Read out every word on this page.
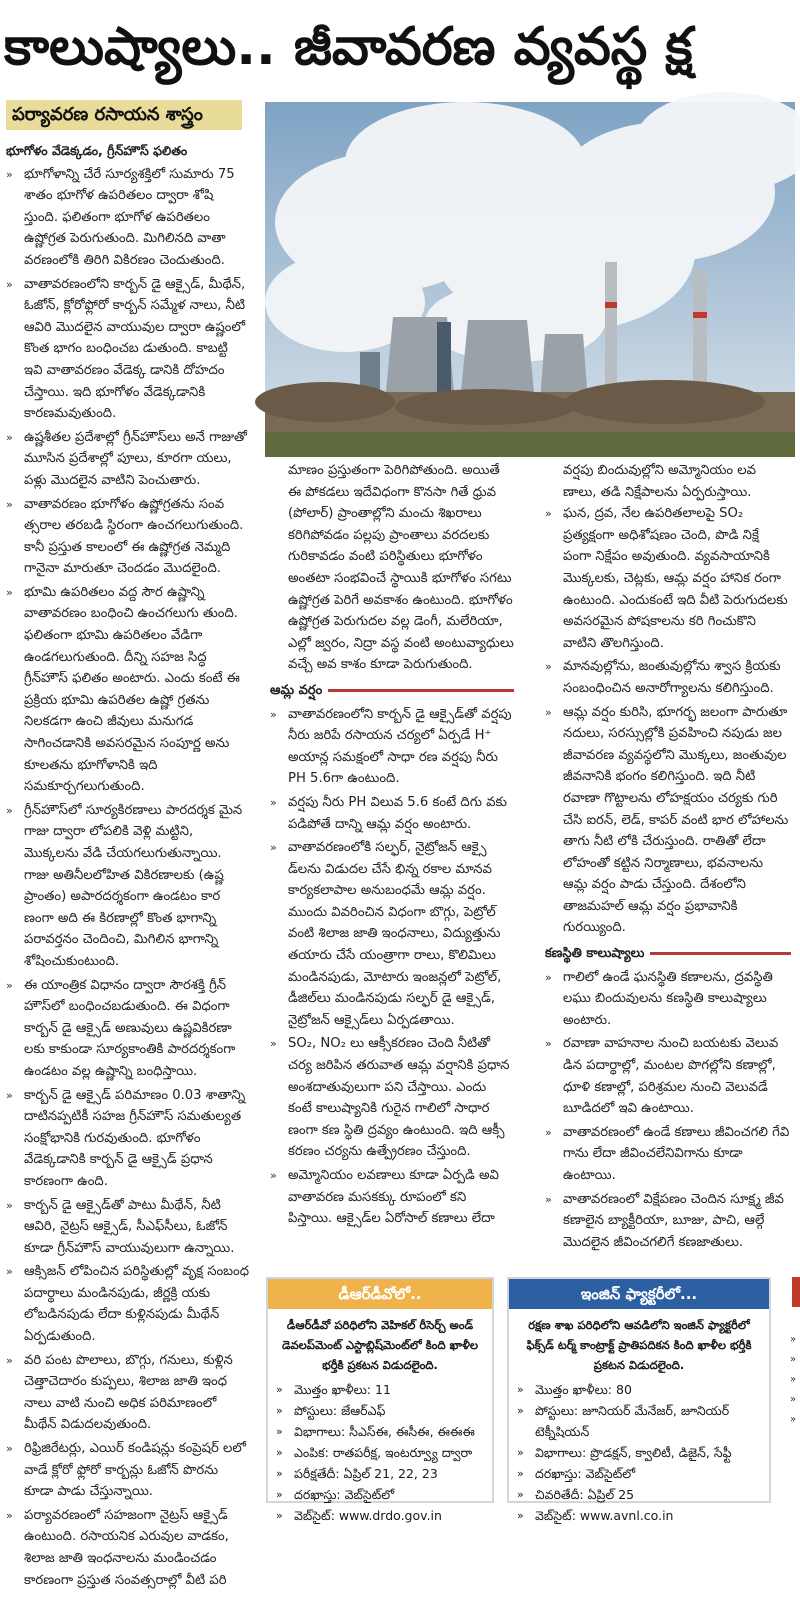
కాలుష్యాలు.. జీవావరణ వ్యవస్థ క్ష
పర్యావరణ రసాయన శాస్త్రం
భూగోళం వేడెక్కడం, గ్రీన్‌హౌస్ ఫలితం
» భూగోళాన్ని చేరే సూర్యశక్తిలో సుమారు 75 శాతం భూగోళ ఉపరితలం ద్వారా శోషి స్తుంది. ఫలితంగా భూగోళ ఉపరితలం ఉష్ణోగ్రత పెరుగుతుంది. మిగిలినది వాతా వరణంలోకి తిరిగి వికిరణం చెందుతుంది.
» వాతావరణంలోని కార్బన్ డై ఆక్సైడ్, మీథేన్, ఓజోన్, క్లోరోఫ్లోరో కార్బన్ సమ్మేళ నాలు, నీటి ఆవిరి మొదలైన వాయువుల ద్వారా ఉష్ణంలో కొంత భాగం బంధించబ డుతుంది. కాబట్టి ఇవి వాతావరణం వేడెక్క డానికి దోహదం చేస్తాయి. ఇది భూగోళం వేడెక్కడానికి కారణమవుతుంది.
» ఉష్ణశీతల ప్రదేశాల్లో గ్రీన్‌హౌస్‌లు అనే గాజుతో మూసిన ప్రదేశాల్లో పూలు, కూరగా యలు, పళ్లు మొదలైన వాటిని పెంచుతారు.
» వాతావరణం భూగోళం ఉష్ణోగ్రతను సంవ త్సరాల తరబడి స్థిరంగా ఉంచగలుగుతుంది. కానీ ప్రస్తుత కాలంలో ఈ ఉష్ణోగ్రత నెమ్మది గానైనా మారుతూ చెందడం మొదలైంది.
» భూమి ఉపరితలం వద్ద సౌర ఉష్ణాన్ని వాతావరణం బంధించి ఉంచగలుగు తుంది. ఫలితంగా భూమి ఉపరితలం వేడిగా ఉండగలుగుతుంది. దీన్ని సహజ సిద్ధ గ్రీన్‌హౌస్ ఫలితం అంటారు. ఎందు కంటే ఈ ప్రక్రియ భూమి ఉపరితల ఉష్ణో గ్రతను నిలకడగా ఉంచి జీవులు మనుగడ సాగించడానికి అవసరమైన సంపూర్ణ అను కూలతను భూగోళానికి ఇది సమకూర్చగలుగుతుంది.
» గ్రీన్‌హౌస్‌లో సూర్యకిరణాలు పారదర్శక మైన గాజు ద్వారా లోపలికి వెళ్లి మట్టిని, మొక్కలను వేడి చేయగలుగుతున్నాయి. గాజు అతినీలలోహిత వికిరణాలకు (ఉష్ణ ప్రాంతం) అపారదర్శకంగా ఉండటం కార ణంగా అది ఈ కిరణాల్లో కొంత భాగాన్ని పరావర్తనం చెందించి, మిగిలిన భాగాన్ని శోషించుకుంటుంది.
» ఈ యాంత్రిక విధానం ద్వారా సౌరశక్తి గ్రీన్ హౌస్‌లో బంధించబడుతుంది. ఈ విధంగా కార్బన్ డై ఆక్సైడ్ అణువులు ఉష్ణవికిరణా లకు కాకుండా సూర్యకాంతికి పారదర్శకంగా ఉండటం వల్ల ఉష్ణాన్ని బంధిస్తాయి.
» కార్బన్ డై ఆక్సైడ్ పరిమాణం 0.03 శాతాన్ని దాటినప్పటికీ సహజ గ్రీన్‌హౌస్ సమతుల్యత సంక్షోభానికి గురవుతుంది. భూగోళం వేడెక్కడానికి కార్బన్ డై ఆక్సైడ్ ప్రధాన కారణంగా ఉంది.
» కార్బన్ డై ఆక్సైడ్‌తో పాటు మీథేన్, నీటి ఆవిరి, నైట్రస్ ఆక్సైడ్, సీఎఫ్‌సీలు, ఓజోన్ కూడా గ్రీన్‌హౌస్ వాయువులుగా ఉన్నాయి.
» ఆక్సిజన్ లోపించిన పరిస్థితుల్లో వృక్ష సంబంధ పదార్థాలు మండినపుడు, జీర్ణక్రి యకు లోబడినపుడు లేదా కుళ్లినపుడు మీథేన్ ఏర్పడుతుంది.
» వరి పంట పొలాలు, బొగ్గు, గనులు, కుళ్లిన చెత్తాచెదారం కుప్పలు, శిలాజ జాతి ఇంధ నాలు వాటి నుంచి అధిక పరిమాణంలో మీథేన్ విడుదలవుతుంది.
» రిఫ్రిజిరేటర్లు, ఎయిర్ కండిషన్లు కంప్రెషర్ లలో వాడే క్లోరో ఫ్లోరో కార్బన్లు ఓజోన్ పొరను కూడా పాడు చేస్తున్నాయి.
» పర్యావరణంలో సహజంగా నైట్రస్ ఆక్సైడ్ ఉంటుంది. రసాయనిక ఎరువుల వాడకం, శిలాజ జాతి ఇంధనాలను మండించడం కారణంగా ప్రస్తుత సంవత్సరాల్లో వీటి పరి
మాణం ప్రస్తుతంగా పెరిగిపోతుంది. అయితే ఈ పోకడలు ఇదేవిధంగా కొనసా గితే ధ్రువ (పోలార్) ప్రాంతాల్లోని మంచు శిఖరాలు కరిగిపోవడం పల్లపు ప్రాంతాలు వరదలకు గురికావడం వంటి పరిస్థితులు భూగోళం అంతటా సంభవించే స్థాయికి భూగోళం సగటు ఉష్ణోగ్రత పెరిగే అవకాశం ఉంటుంది. భూగోళం ఉష్ణోగ్రత పెరుగుదల వల్ల డెంగీ, మలేరియా, ఎల్లో జ్వరం, నిద్రా వస్థ వంటి అంటువ్యాధులు వచ్చే అవ కాశం కూడా పెరుగుతుంది.
ఆమ్ల వర్షం
» వాతావరణంలోని కార్బన్ డై ఆక్సైడ్‌తో వర్షపు నీరు జరిపే రసాయన చర్యలో ఏర్పడే H⁺ అయాన్ల సమక్షంలో సాధా రణ వర్షపు నీరు PH 5.6గా ఉంటుంది.
» వర్షపు నీరు PH విలువ 5.6 కంటే దిగు వకు పడిపోతే దాన్ని ఆమ్ల వర్షం అంటారు.
» వాతావరణంలోకి సల్ఫర్, నైట్రోజన్ ఆక్సై డ్‌లను విడుదల చేసే భిన్న రకాల మానవ కార్యకలాపాల అనుబంధమే ఆమ్ల వర్షం. ముందు వివరించిన విధంగా బొగ్గు, పెట్రోల్ వంటి శిలాజ జాతి ఇంధనాలు, విద్యుత్తును తయారు చేసే యంత్రాగా రాలు, కొలిమిలు మండినపుడు, మోటారు ఇంజన్లలో పెట్రోల్, డీజిల్‌లు మండినపుడు సల్ఫర్ డై ఆక్సైడ్, నైట్రోజన్ ఆక్సైడ్‌లు ఏర్పడతాయి.
» SO₂, NO₂ లు ఆక్సీకరణం చెంది నీటితో చర్య జరిపిన తరువాత ఆమ్ల వర్షానికి ప్రధాన అంశదాతువులుగా పని చేస్తాయి. ఎందు కంటే కాలుష్యానికి గురైన గాలిలో సాధార ణంగా కణ స్థితి ద్రవ్యం ఉంటుంది. ఇది ఆక్సీ కరణం చర్యను ఉత్ప్రేరణం చేస్తుంది.
» అమ్మోనియం లవణాలు కూడా ఏర్పడి అవి వాతావరణ మసకక్కు రూపంలో కని పిస్తాయి. ఆక్సైడ్‌ల ఏరోసాల్ కణాలు లేదా
వర్షపు బిందువుల్లోని అమ్మోనియం లవ ణాలు, తడి నిక్షేపాలను ఏర్పరుస్తాయి.
» ఘన, ద్రవ, నేల ఉపరితలాలపై SO₂ ప్రత్యక్షంగా అధిశోషణం చెంది, పొడి నిక్షే పంగా నిక్షేపం అవుతుంది. వ్యవసాయానికి మొక్కలకు, చెట్లకు, ఆమ్ల వర్షం హానిక రంగా ఉంటుంది. ఎందుకంటే ఇది వీటి పెరుగుదలకు అవసరమైన పోషకాలను కరి గించుకొని వాటిని తొలగిస్తుంది.
» మానవుల్లోను, జంతువుల్లోను శ్వాస క్రియకు సంబంధించిన అనారోగ్యాలను కలిగిస్తుంది.
» ఆమ్ల వర్షం కురిసి, భూగర్భ జలంగా పారుతూ నదులు, సరస్సుల్లోకి ప్రవహించి నపుడు జల జీవావరణ వ్యవస్థలోని మొక్కలు, జంతువుల జీవనానికి భంగం కలిగిస్తుంది. ఇది నీటి రవాణా గొట్టాలను లోహక్షయం చర్యకు గురి చేసి ఐరన్, లెడ్, కాపర్ వంటి భార లోహాలను తాగు నీటి లోకి చేరుస్తుంది. రాతితో లేదా లోహంతో కట్టిన నిర్మాణాలు, భవనాలను ఆమ్ల వర్షం పాడు చేస్తుంది. దేశంలోని తాజమహల్ ఆమ్ల వర్షం ప్రభావానికి గురయ్యింది.
కణస్థితి కాలుష్యాలు
» గాలిలో ఉండే ఘనస్థితి కణాలను, ద్రవస్థితి లఘు బిందువులను కణస్థితి కాలుష్యాలు అంటారు.
» రవాణా వాహనాల నుంచి బయటకు వెలువ డిన పదార్థాల్లో, మంటల పొగల్లోని కణాల్లో, ధూళి కణాల్లో, పరిశ్రమల నుంచి వెలువడే బూడిదలో ఇవి ఉంటాయి.
» వాతావరణంలో ఉండే కణాలు జీవించగలి గేవి గాను లేదా జీవించలేనివిగాను కూడా ఉంటాయి.
» వాతావరణంలో విక్షేపణం చెందిన సూక్ష్మ జీవ కణాలైన బ్యాక్టీరియా, బూజు, పాచి, ఆల్గే మొదలైన జీవించగలిగే కణజాతులు.
డీఆర్‌డీవోలో..
డీఆర్‌డీవో పరిధిలోని వెహికల్ రీసెర్చ్ అండ్ డెవలప్‌మెంట్ ఎస్టాబ్లిష్‌మెంట్‌లో కింది ఖాళీల భర్తీకి ప్రకటన విడుదలైంది.
» మొత్తం ఖాళీలు: 11
» పోస్టులు: జేఆర్‌ఎఫ్
» విభాగాలు: సీఎస్ఈ, ఈసీఈ, ఈఈఈ
» ఎంపిక: రాతపరీక్ష, ఇంటర్వ్యూ ద్వారా
» పరీక్షతేదీ: ఏప్రిల్ 21, 22, 23
» దరఖాస్తు: వెబ్‌సైట్‌లో
» వెబ్‌సైట్: www.drdo.gov.in
ఇంజిన్ ఫ్యాక్టరీలో...
రక్షణ శాఖ పరిధిలోని ఆవడిలోని ఇంజిన్ ఫ్యాక్టరీలో ఫిక్స్‌డ్ టర్మ్ కాంట్రాక్ట్ ప్రాతిపదికన కింది ఖాళీల భర్తీకి ప్రకటన విడుదలైంది.
» మొత్తం ఖాళీలు: 80
» పోస్టులు: జూనియర్ మేనేజర్, జూనియర్ టెక్నీషియన్
» విభాగాలు: ప్రొడక్షన్, క్వాలిటీ, డిజైన్, సేఫ్టీ
» దరఖాస్తు: వెబ్‌సైట్‌లో
» చివరితేదీ: ఏప్రిల్ 25
» వెబ్‌సైట్: www.avnl.co.in
»
»
»
»
»
